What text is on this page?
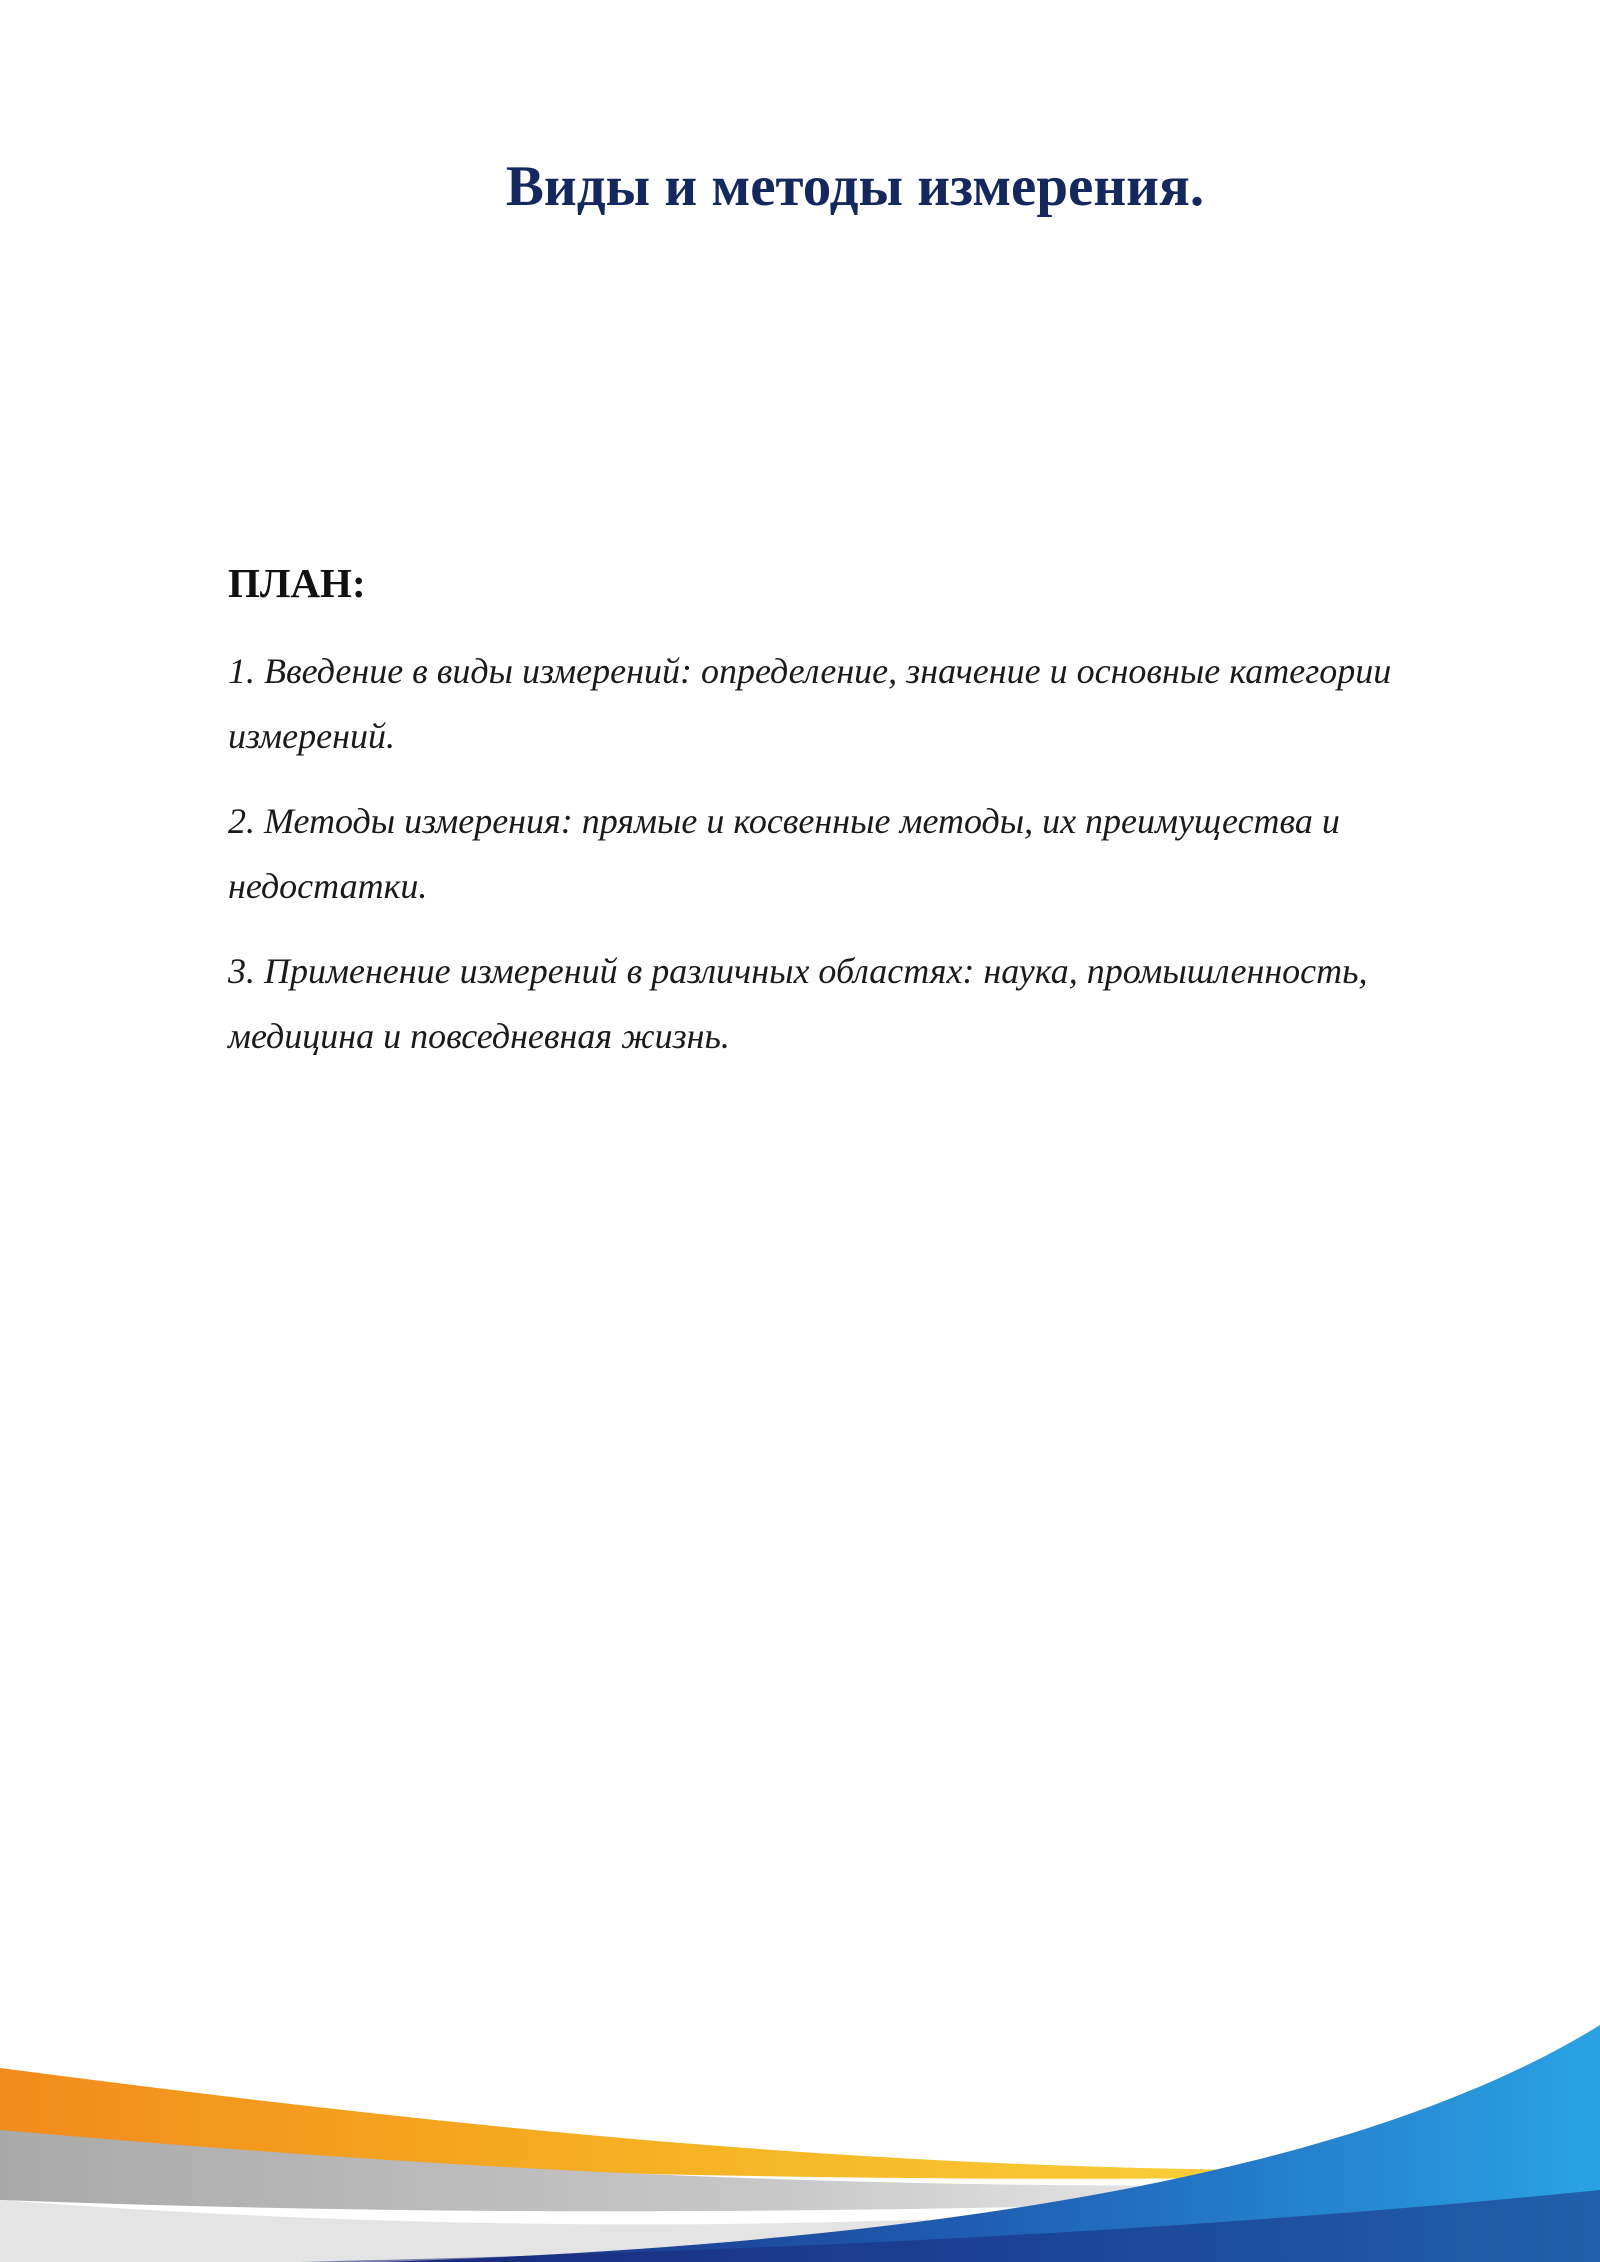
Виды и методы измерения.
ПЛАН:
1. Введение в виды измерений: определение, значение и основные категории измерений.
2. Методы измерения: прямые и косвенные методы, их преимущества и недостатки.
3. Применение измерений в различных областях: наука, промышленность, медицина и повседневная жизнь.
